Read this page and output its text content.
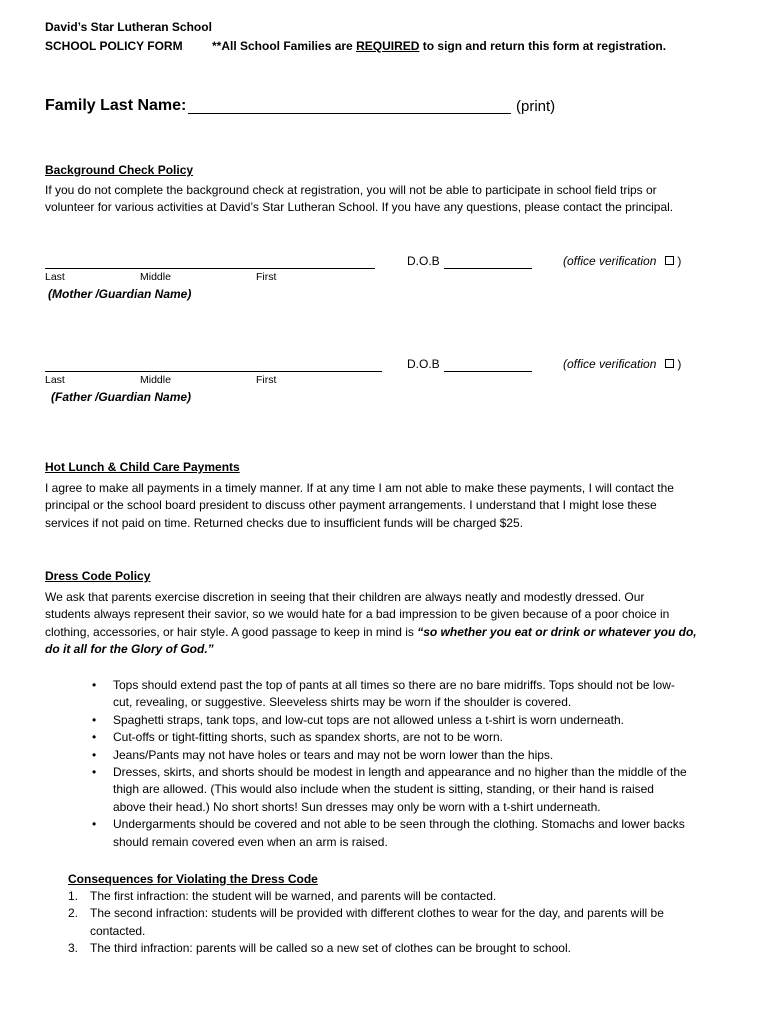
David’s Star Lutheran School
SCHOOL POLICY FORM **All School Families are REQUIRED to sign and return this form at registration.
Family Last Name:	(print)
Background Check Policy

If you do not complete the background check at registration, you will not be able to participate in school field trips or

volunteer for various activities at David’s Star Lutheran School. If you have any questions, please contact the principal.

D.O.B	(office verification )
Last	Middle	First
(Mother /Guardian Name)
D.O.B	(office verification )
Last	Middle	First
(Father /Guardian Name)
Hot Lunch & Child Care Payments

I agree to make all payments in a timely manner. If at any time I am not able to make these payments, I will contact the

principal or the school board president to discuss other payment arrangements. I understand that I might lose these

services if not paid on time. Returned checks due to insufficient funds will be charged $25.

Dress Code Policy

We ask that parents exercise discretion in seeing that their children are always neatly and modestly dressed. Our

students always represent their savior, so we would hate for a bad impression to be given because of a poor choice in

clothing, accessories, or hair style. A good passage to keep in mind is “so whether you eat or drink or whatever you do,

do it all for the Glory of God.”

• Tops should extend past the top of pants at all times so there are no bare midriffs. Tops should not be low-

cut, revealing, or suggestive. Sleeveless shirts may be worn if the shoulder is covered.

• Spaghetti straps, tank tops, and low-cut tops are not allowed unless a t-shirt is worn underneath.

• Cut-offs or tight-fitting shorts, such as spandex shorts, are not to be worn.

• Jeans/Pants may not have holes or tears and may not be worn lower than the hips.

• Dresses, skirts, and shorts should be modest in length and appearance and no higher than the middle of the

thigh are allowed. (This would also include when the student is sitting, standing, or their hand is raised

above their head.) No short shorts! Sun dresses may only be worn with a t-shirt underneath.

• Undergarments should be covered and not able to be seen through the clothing. Stomachs and lower backs

should remain covered even when an arm is raised.

Consequences for Violating the Dress Code
1. The first infraction: the student will be warned, and parents will be contacted.

2. The second infraction: students will be provided with different clothes to wear for the day, and parents will be

contacted.

3. The third infraction: parents will be called so a new set of clothes can be brought to school.
